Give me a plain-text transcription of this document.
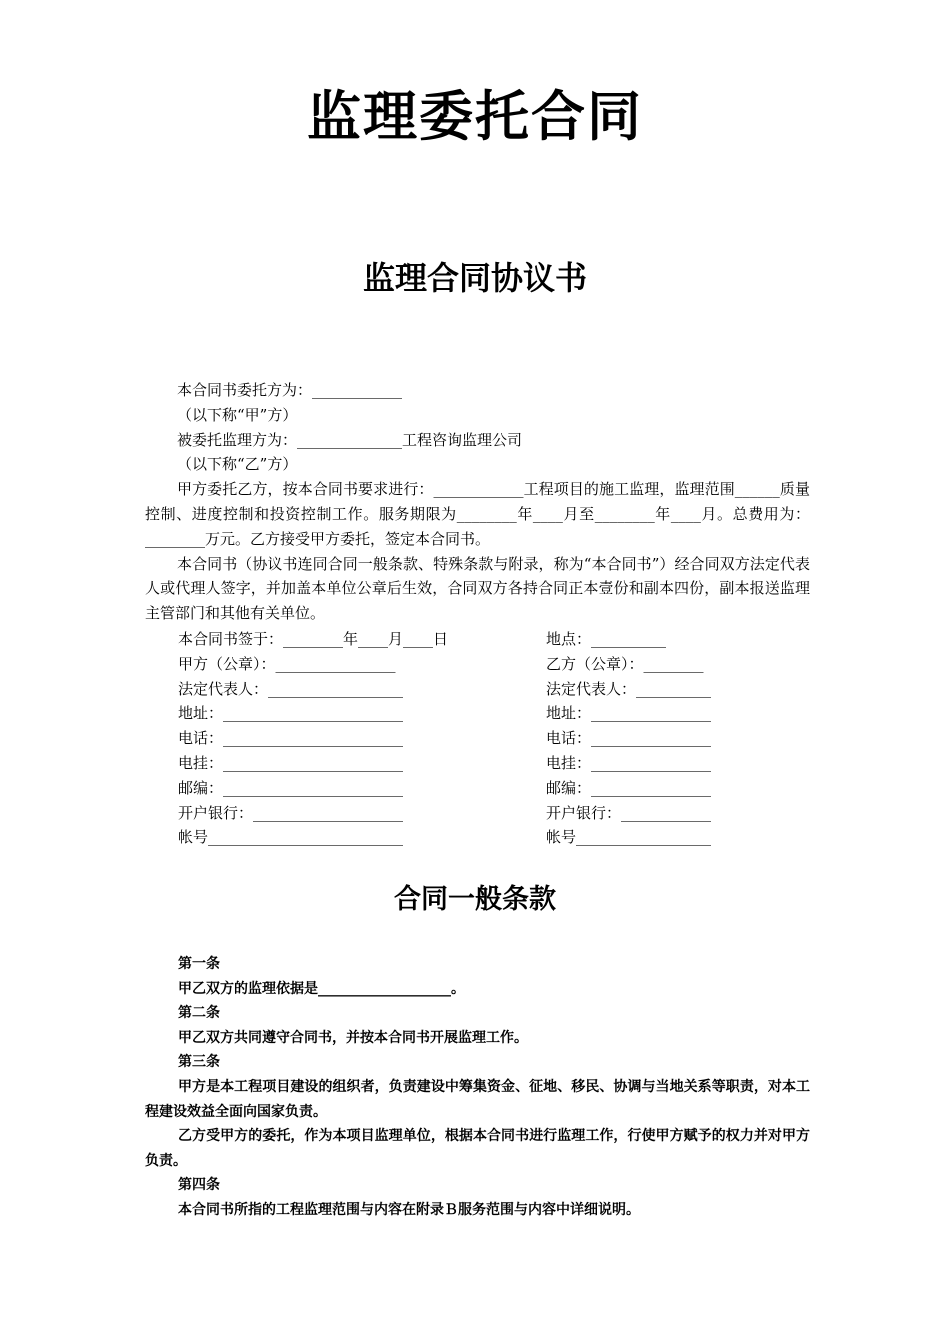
监理委托合同
监理合同协议书

本合同书委托方为：____________

（以下称“甲”方）

被委托监理方为：______________工程咨询监理公司

（以下称“乙”方）

甲方委托乙方，按本合同书要求进行：____________工程项目的施工监理，监理范围______质量控制、进度控制和投资控制工作。服务期限为________年____月至________年____月。总费用为：________万元。乙方接受甲方委托，签定本合同书。

本合同书（协议书连同合同一般条款、特殊条款与附录，称为“本合同书”）经合同双方法定代表人或代理人签字，并加盖本单位公章后生效，合同双方各持合同正本壹份和副本四份，副本报送监理主管部门和其他有关单位。

本合同书签于：________年____月____日	地点：__________
甲方（公章）：________________	乙方（公章）：________
法定代表人：__________________	法定代表人：__________
地址：________________________	地址：________________
电话：________________________	电话：________________
电挂：________________________	电挂：________________
邮编：________________________	邮编：________________
开户银行：____________________	开户银行：____________
帐号__________________________	帐号__________________
合同一般条款

第一条

甲乙双方的监理依据是___________________。

第二条

甲乙双方共同遵守合同书，并按本合同书开展监理工作。

第三条

甲方是本工程项目建设的组织者，负责建设中筹集资金、征地、移民、协调与当地关系等职责，对本工程建设效益全面向国家负责。

乙方受甲方的委托，作为本项目监理单位，根据本合同书进行监理工作，行使甲方赋予的权力并对甲方负责。

第四条

本合同书所指的工程监理范围与内容在附录Ｂ服务范围与内容中详细说明。
